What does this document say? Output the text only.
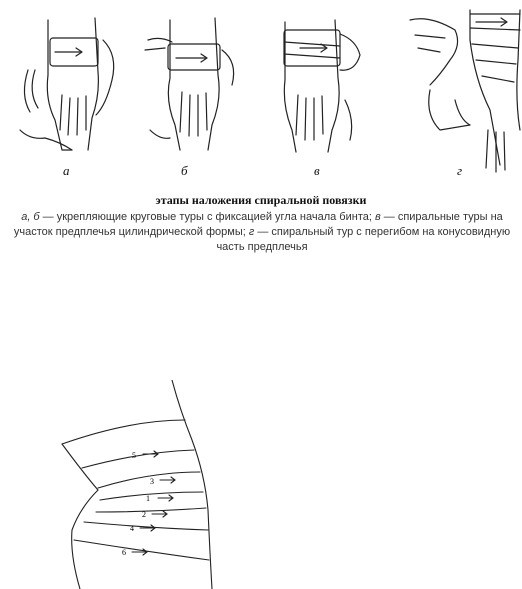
а	б	в	г
этапы наложения спиральной повязки
а, б — укрепляющие круговые туры с фиксацией угла начала бинта; в — спиральные туры на участок предплечья цилиндрической формы; г — спиральный тур с перегибом на конусовидную часть предплечья
5
3
1
2
4
6
